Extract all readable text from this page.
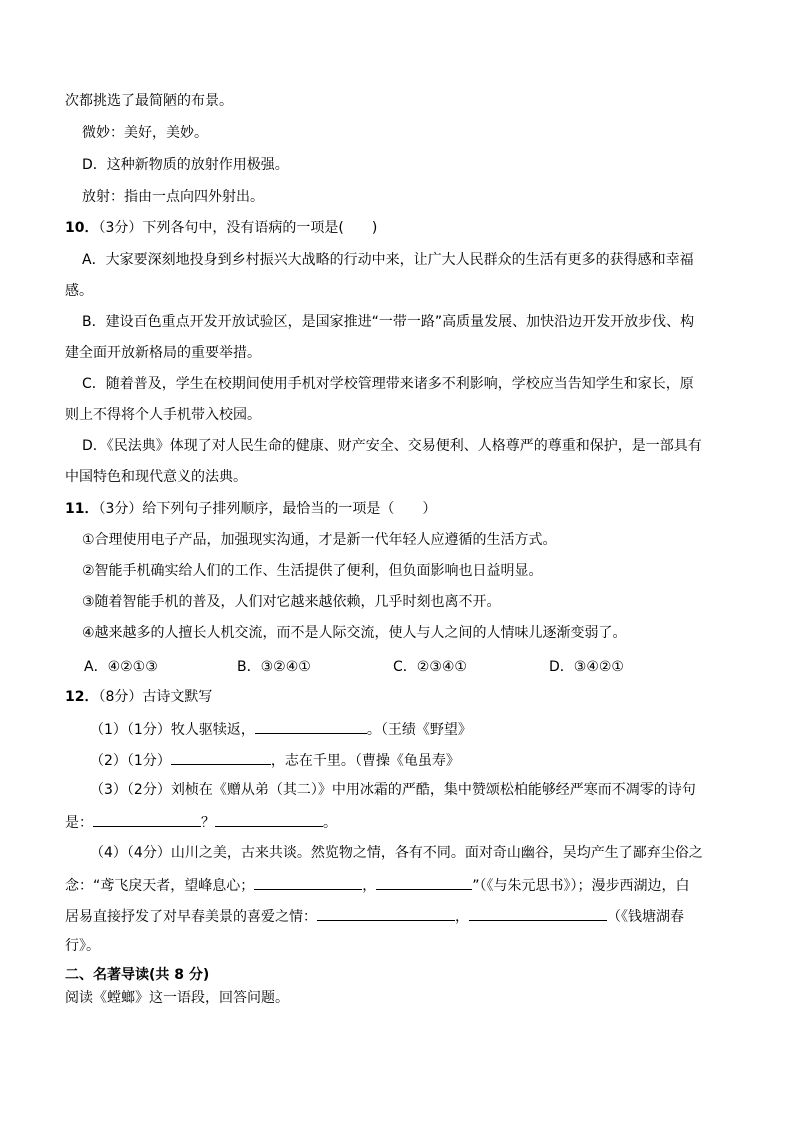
次都挑选了最简陋的布景。
微妙：美好，美妙。
D．这种新物质的放射作用极强。
放射：指由一点向四外射出。
10．（3分）下列各句中，没有语病的一项是(　　)
A．大家要深刻地投身到乡村振兴大战略的行动中来，让广大人民群众的生活有更多的获得感和幸福
感。
B．建设百色重点开发开放试验区，是国家推进“一带一路”高质量发展、加快沿边开发开放步伐、构
建全面开放新格局的重要举措。
C．随着普及，学生在校期间使用手机对学校管理带来诸多不利影响，学校应当告知学生和家长，原
则上不得将个人手机带入校园。
D．《民法典》体现了对人民生命的健康、财产安全、交易便利、人格尊严的尊重和保护，是一部具有
中国特色和现代意义的法典。
11．（3分）给下列句子排列顺序，最恰当的一项是（　　）
①合理使用电子产品，加强现实沟通，才是新一代年轻人应遵循的生活方式。
②智能手机确实给人们的工作、生活提供了便利，但负面影响也日益明显。
③随着智能手机的普及，人们对它越来越依赖，几乎时刻也离不开。
④越来越多的人擅长人机交流，而不是人际交流，使人与人之间的人情味儿逐渐变弱了。
A．④②①③	B．③②④①	C．②③④①	D．③④②①
12．（8分）古诗文默写
（1）（1分）牧人驱犊返，	。（王绩《野望》
（2）（1分）	，志在千里。（曹操《龟虽寿》
（3）（2分）刘桢在《赠从弟（其二）》中用冰霜的严酷，集中赞颂松柏能够经严寒而不凋零的诗句
是：	？	。
（4）（4分）山川之美，古来共谈。然览物之情，各有不同。面对奇山幽谷，吴均产生了鄙弃尘俗之
念：“鸢飞戾天者，望峰息心；	，	”（《与朱元思书》）；漫步西湖边，白
居易直接抒发了对早春美景的喜爱之情：	，	（《钱塘湖春
行》。
二、名著导读(共 8 分)
阅读《螳螂》这一语段，回答问题。
